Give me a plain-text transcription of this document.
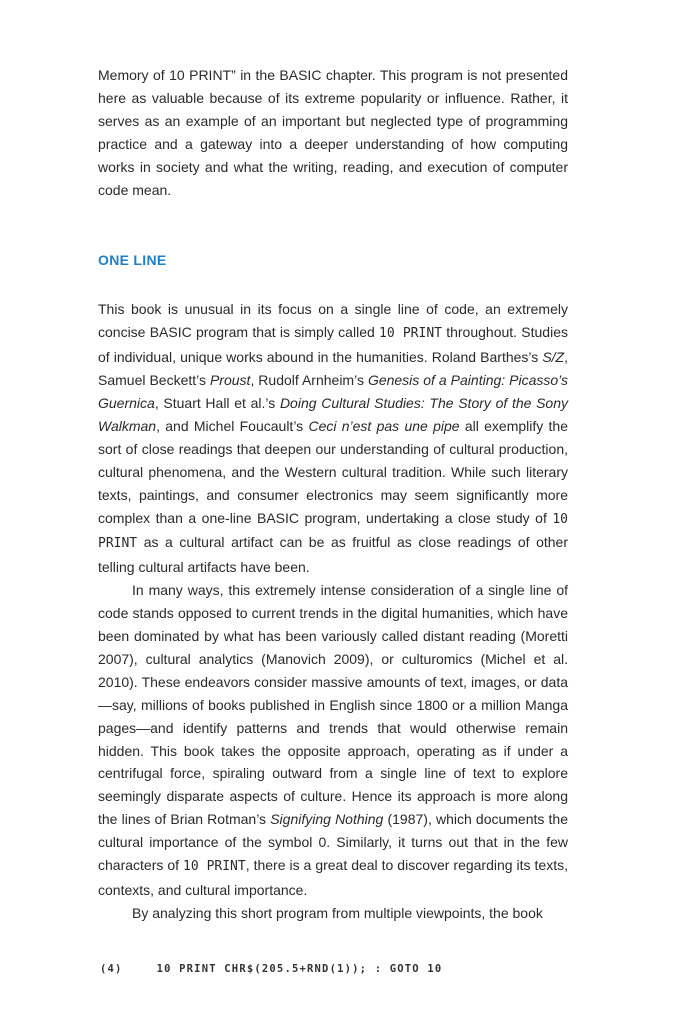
Memory of 10 PRINT” in the BASIC chapter. This program is not presented here as valuable because of its extreme popularity or influence. Rather, it serves as an example of an important but neglected type of programming practice and a gateway into a deeper understanding of how computing works in society and what the writing, reading, and execution of computer code mean.

ONE LINE

This book is unusual in its focus on a single line of code, an extremely concise BASIC program that is simply called 10 PRINT throughout. Studies of individual, unique works abound in the humanities. Roland Barthes’s S/Z, Samuel Beckett’s Proust, Rudolf Arnheim’s Genesis of a Painting: Picasso’s Guernica, Stuart Hall et al.’s Doing Cultural Studies: The Story of the Sony Walkman, and Michel Foucault’s Ceci n’est pas une pipe all exemplify the sort of close readings that deepen our understanding of cultural production, cultural phenomena, and the Western cultural tradition. While such literary texts, paintings, and consumer electronics may seem significantly more complex than a one-line BASIC program, undertaking a close study of 10 PRINT as a cultural artifact can be as fruitful as close readings of other telling cultural artifacts have been.

In many ways, this extremely intense consideration of a single line of code stands opposed to current trends in the digital humanities, which have been dominated by what has been variously called distant reading (Moretti 2007), cultural analytics (Manovich 2009), or culturomics (Michel et al. 2010). These endeavors consider massive amounts of text, images, or data—say, millions of books published in English since 1800 or a million Manga pages—and identify patterns and trends that would otherwise remain hidden. This book takes the opposite approach, operating as if under a centrifugal force, spiraling outward from a single line of text to explore seemingly disparate aspects of culture. Hence its approach is more along the lines of Brian Rotman’s Signifying Nothing (1987), which documents the cultural importance of the symbol 0. Similarly, it turns out that in the few characters of 10 PRINT, there is a great deal to discover regarding its texts, contexts, and cultural importance.

By analyzing this short program from multiple viewpoints, the book

(4)	10 PRINT CHR$(205.5+RND(1)); : GOTO 10
